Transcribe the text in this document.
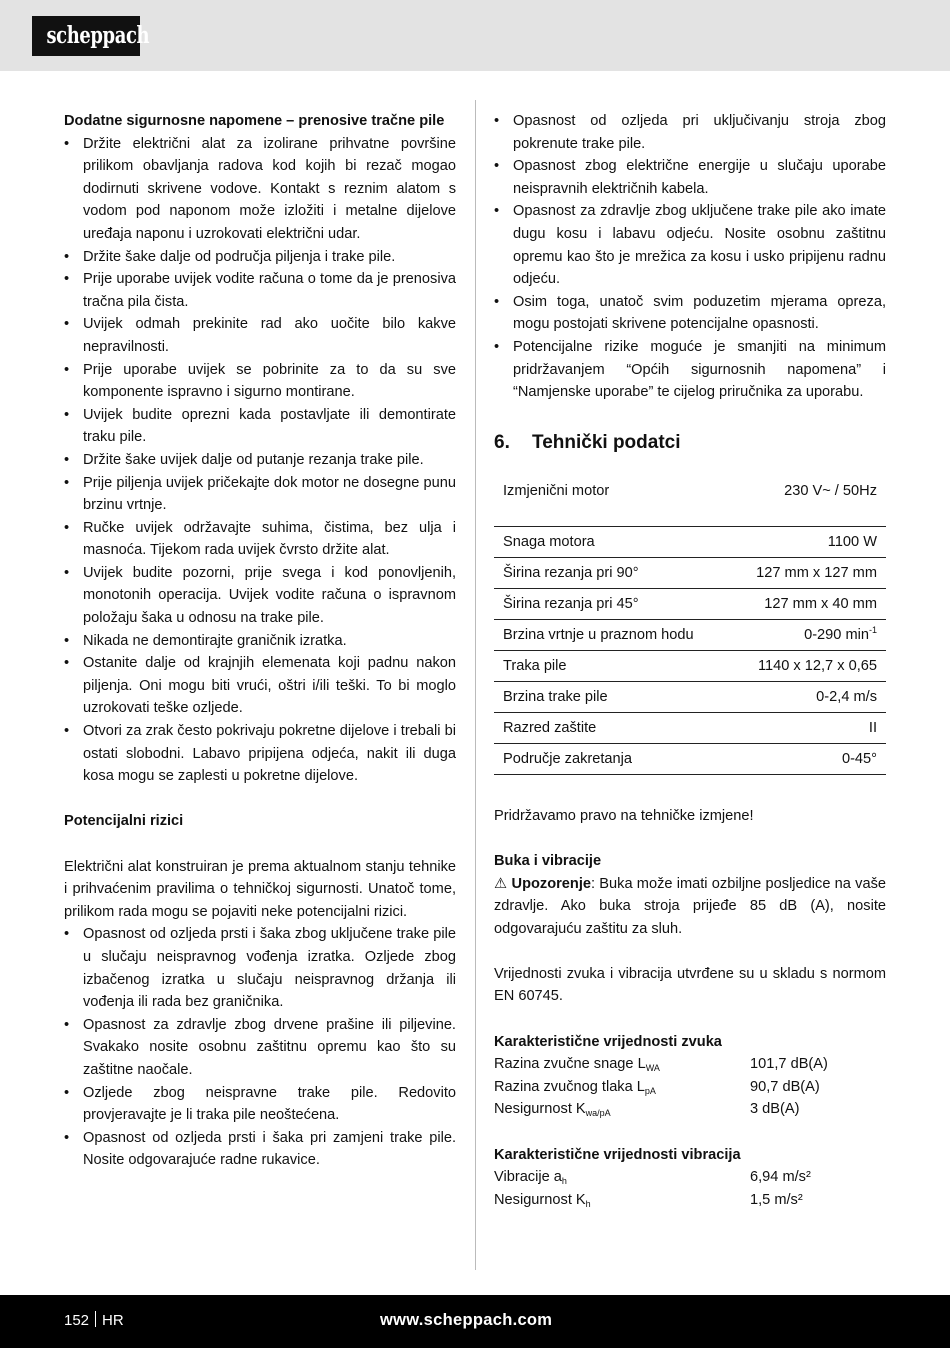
scheppach

Dodatne sigurnosne napomene – prenosive tračne pile

• Držite električni alat za izolirane prihvatne površine prilikom obavljanja radova kod kojih bi rezač mogao dodirnuti skrivene vodove. Kontakt s reznim alatom s vodom pod naponom može izložiti i metalne dijelove uređaja naponu i uzrokovati električni udar.
• Držite šake dalje od područja piljenja i trake pile.
• Prije uporabe uvijek vodite računa o tome da je prenosiva tračna pila čista.
• Uvijek odmah prekinite rad ako uočite bilo kakve nepravilnosti.
• Prije uporabe uvijek se pobrinite za to da su sve komponente ispravno i sigurno montirane.
• Uvijek budite oprezni kada postavljate ili demontirate traku pile.
• Držite šake uvijek dalje od putanje rezanja trake pile.
• Prije piljenja uvijek pričekajte dok motor ne dosegne punu brzinu vrtnje.
• Ručke uvijek održavajte suhima, čistima, bez ulja i masnoća. Tijekom rada uvijek čvrsto držite alat.
• Uvijek budite pozorni, prije svega i kod ponovljenih, monotonih operacija. Uvijek vodite računa o ispravnom položaju šaka u odnosu na trake pile.
• Nikada ne demontirajte graničnik izratka.
• Ostanite dalje od krajnjih elemenata koji padnu nakon piljenja. Oni mogu biti vrući, oštri i/ili teški. To bi moglo uzrokovati teške ozljede.
• Otvori za zrak često pokrivaju pokretne dijelove i trebali bi ostati slobodni. Labavo pripijena odjeća, nakit ili duga kosa mogu se zaplesti u pokretne dijelove.

Potencijalni rizici

Električni alat konstruiran je prema aktualnom stanju tehnike i prihvaćenim pravilima o tehničkoj sigurnosti. Unatoč tome, prilikom rada mogu se pojaviti neke potencijalni rizici.

• Opasnost od ozljeda prsti i šaka zbog uključene trake pile u slučaju neispravnog vođenja izratka. Ozljede zbog izbačenog izratka u slučaju neispravnog držanja ili vođenja ili rada bez graničnika.
• Opasnost za zdravlje zbog drvene prašine ili piljevine. Svakako nosite osobnu zaštitnu opremu kao što su zaštitne naočale.
• Ozljede zbog neispravne trake pile. Redovito provjeravajte je li traka pile neoštećena.
• Opasnost od ozljeda prsti i šaka pri zamjeni trake pile. Nosite odgovarajuće radne rukavice.
• Opasnost od ozljeda pri uključivanju stroja zbog pokrenute trake pile.
• Opasnost zbog električne energije u slučaju uporabe neispravnih električnih kabela.
• Opasnost za zdravlje zbog uključene trake pile ako imate dugu kosu i labavu odjeću. Nosite osobnu zaštitnu opremu kao što je mrežica za kosu i usko pripijenu radnu odjeću.
• Osim toga, unatoč svim poduzetim mjerama opreza, mogu postojati skrivene potencijalne opasnosti.
• Potencijalne rizike moguće je smanjiti na minimum pridržavanjem “Općih sigurnosnih napomena” i “Namjenske uporabe” te cijelog priručnika za uporabu.
6. Tehnički podatci
Izmjenični motor	230 V~ / 50Hz
Snaga motora	1100 W
Širina rezanja pri 90°	127 mm x 127 mm
Širina rezanja pri 45°	127 mm x 40 mm
Brzina vrtnje u praznom hodu	0-290 $\min^{-1}$
Traka pile	1140 x 12,7 x 0,65
Brzina trake pile	0-2,4 m/s
Razred zaštite	II
Područje zakretanja	0-45°

Pridržavamo pravo na tehničke izmjene!

Buka i vibracije

⚠ Upozorenje: Buka može imati ozbiljne posljedice na vaše zdravlje. Ako buka stroja prijeđe 85 dB (A), nosite odgovarajuću zaštitu za sluh.

Vrijednosti zvuka i vibracija utvrđene su u skladu s normom EN 60745.

Karakteristične vrijednosti zvuka

Razina zvučne snage $L_{WA}$	101,7 dB(A)
Razina zvučnog tlaka $L_{pA}$	90,7 dB(A)
Nesigurnost $K_{wa/pA}$	3 dB(A)

Karakteristične vrijednosti vibracija

Vibracije $a_h$	6,94 m/s²
Nesigurnost $K_h$	1,5 m/s²
152 HR	www.scheppach.com
